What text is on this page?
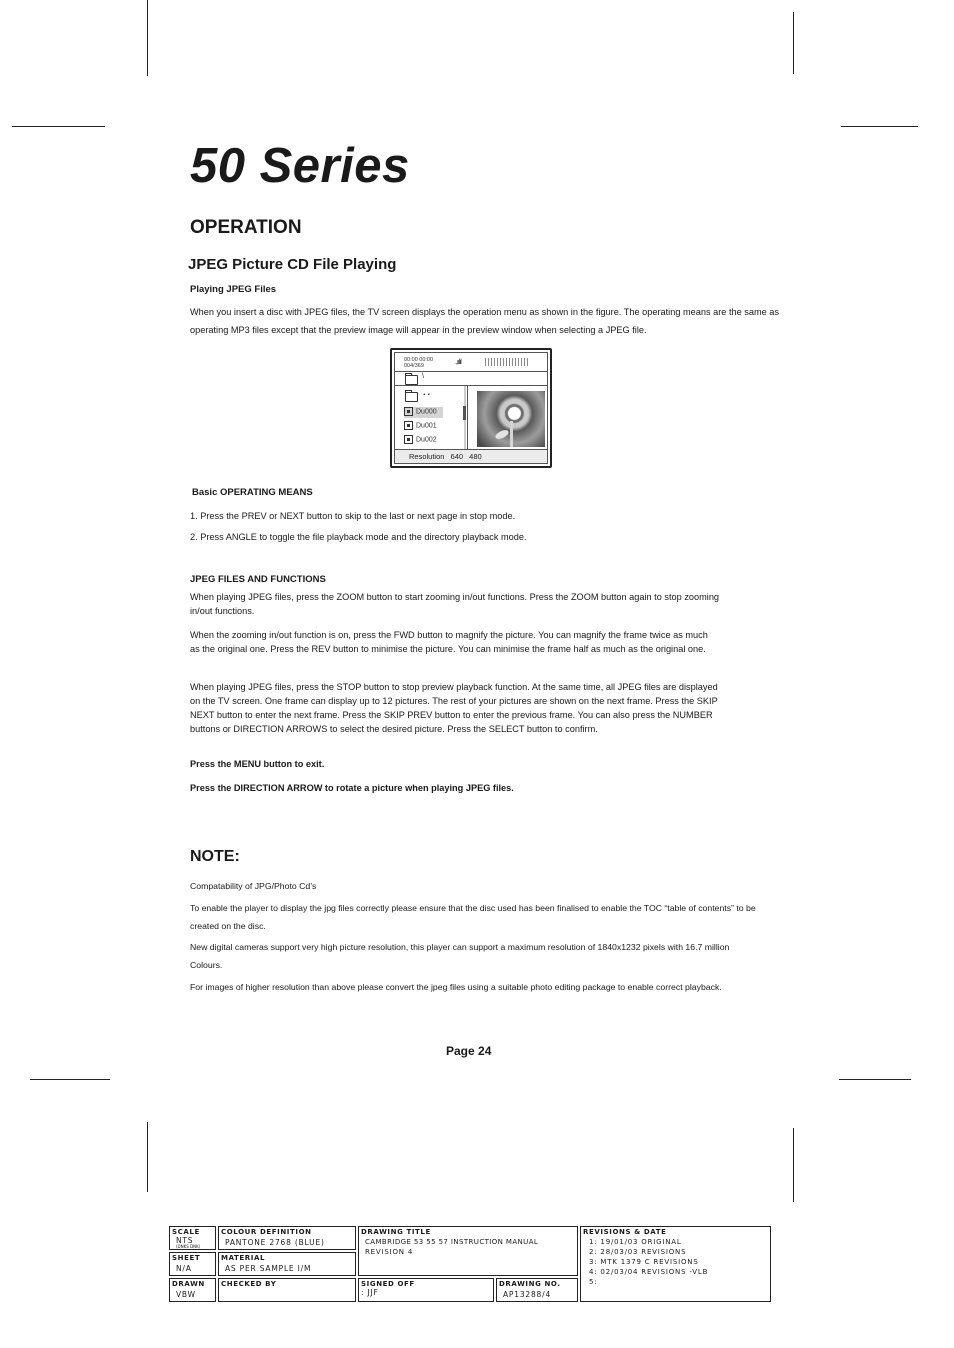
50 Series
OPERATION
JPEG Picture CD File Playing
Playing JPEG Files
When you insert a disc with JPEG files, the TV screen displays the operation menu as shown in the figure. The operating means are the same as
operating MP3 files except that the preview image will appear in the preview window when selecting a JPEG file.
00:00 00:00
004/369	.,ıılıl
\
..
Du000
Du001
Du002
Resolution 640 480
Basic OPERATING MEANS
1. Press the PREV or NEXT button to skip to the last or next page in stop mode.
2. Press ANGLE to toggle the file playback mode and the directory playback mode.
JPEG FILES AND FUNCTIONS
When playing JPEG files, press the ZOOM button to start zooming in/out functions. Press the ZOOM button again to stop zooming
in/out functions.
When the zooming in/out function is on, press the FWD button to magnify the picture. You can magnify the frame twice as much
as the original one. Press the REV button to minimise the picture. You can minimise the frame half as much as the original one.
When playing JPEG files, press the STOP button to stop preview playback function. At the same time, all JPEG files are displayed
on the TV screen. One frame can display up to 12 pictures. The rest of your pictures are shown on the next frame. Press the SKIP
NEXT button to enter the next frame. Press the SKIP PREV button to enter the previous frame. You can also press the NUMBER
buttons or DIRECTION ARROWS to select the desired picture. Press the SELECT button to confirm.
Press the MENU button to exit.
Press the DIRECTION ARROW to rotate a picture when playing JPEG files.
NOTE:
Compatability of JPG/Photo Cd’s
To enable the player to display the jpg files correctly please ensure that the disc used has been finalised to enable the TOC “table of contents” to be
created on the disc.
New digital cameras support very high picture resolution, this player can support a maximum resolution of 1840x1232 pixels with 16.7 million
Colours.
For images of higher resolution than above please convert the jpeg files using a suitable photo editing package to enable correct playback.
Page 24
SCALE
NTS
(DNKS DNK)
SHEET
N/A
DRAWN
VBW
COLOUR DEFINITION
PANTONE 2768 (BLUE)
MATERIAL
AS PER SAMPLE I/M
CHECKED BY
DRAWING TITLE
CAMBRIDGE 53 55 57 INSTRUCTION MANUAL
REVISION 4
SIGNED OFF
: JJF
DRAWING NO.
AP13288/4
REVISIONS & DATE
1: 19/01/03 ORIGINAL
2: 28/03/03 REVISIONS
3: MTK 1379 C REVISIONS
4: 02/03/04 REVISIONS -VLB
5:
